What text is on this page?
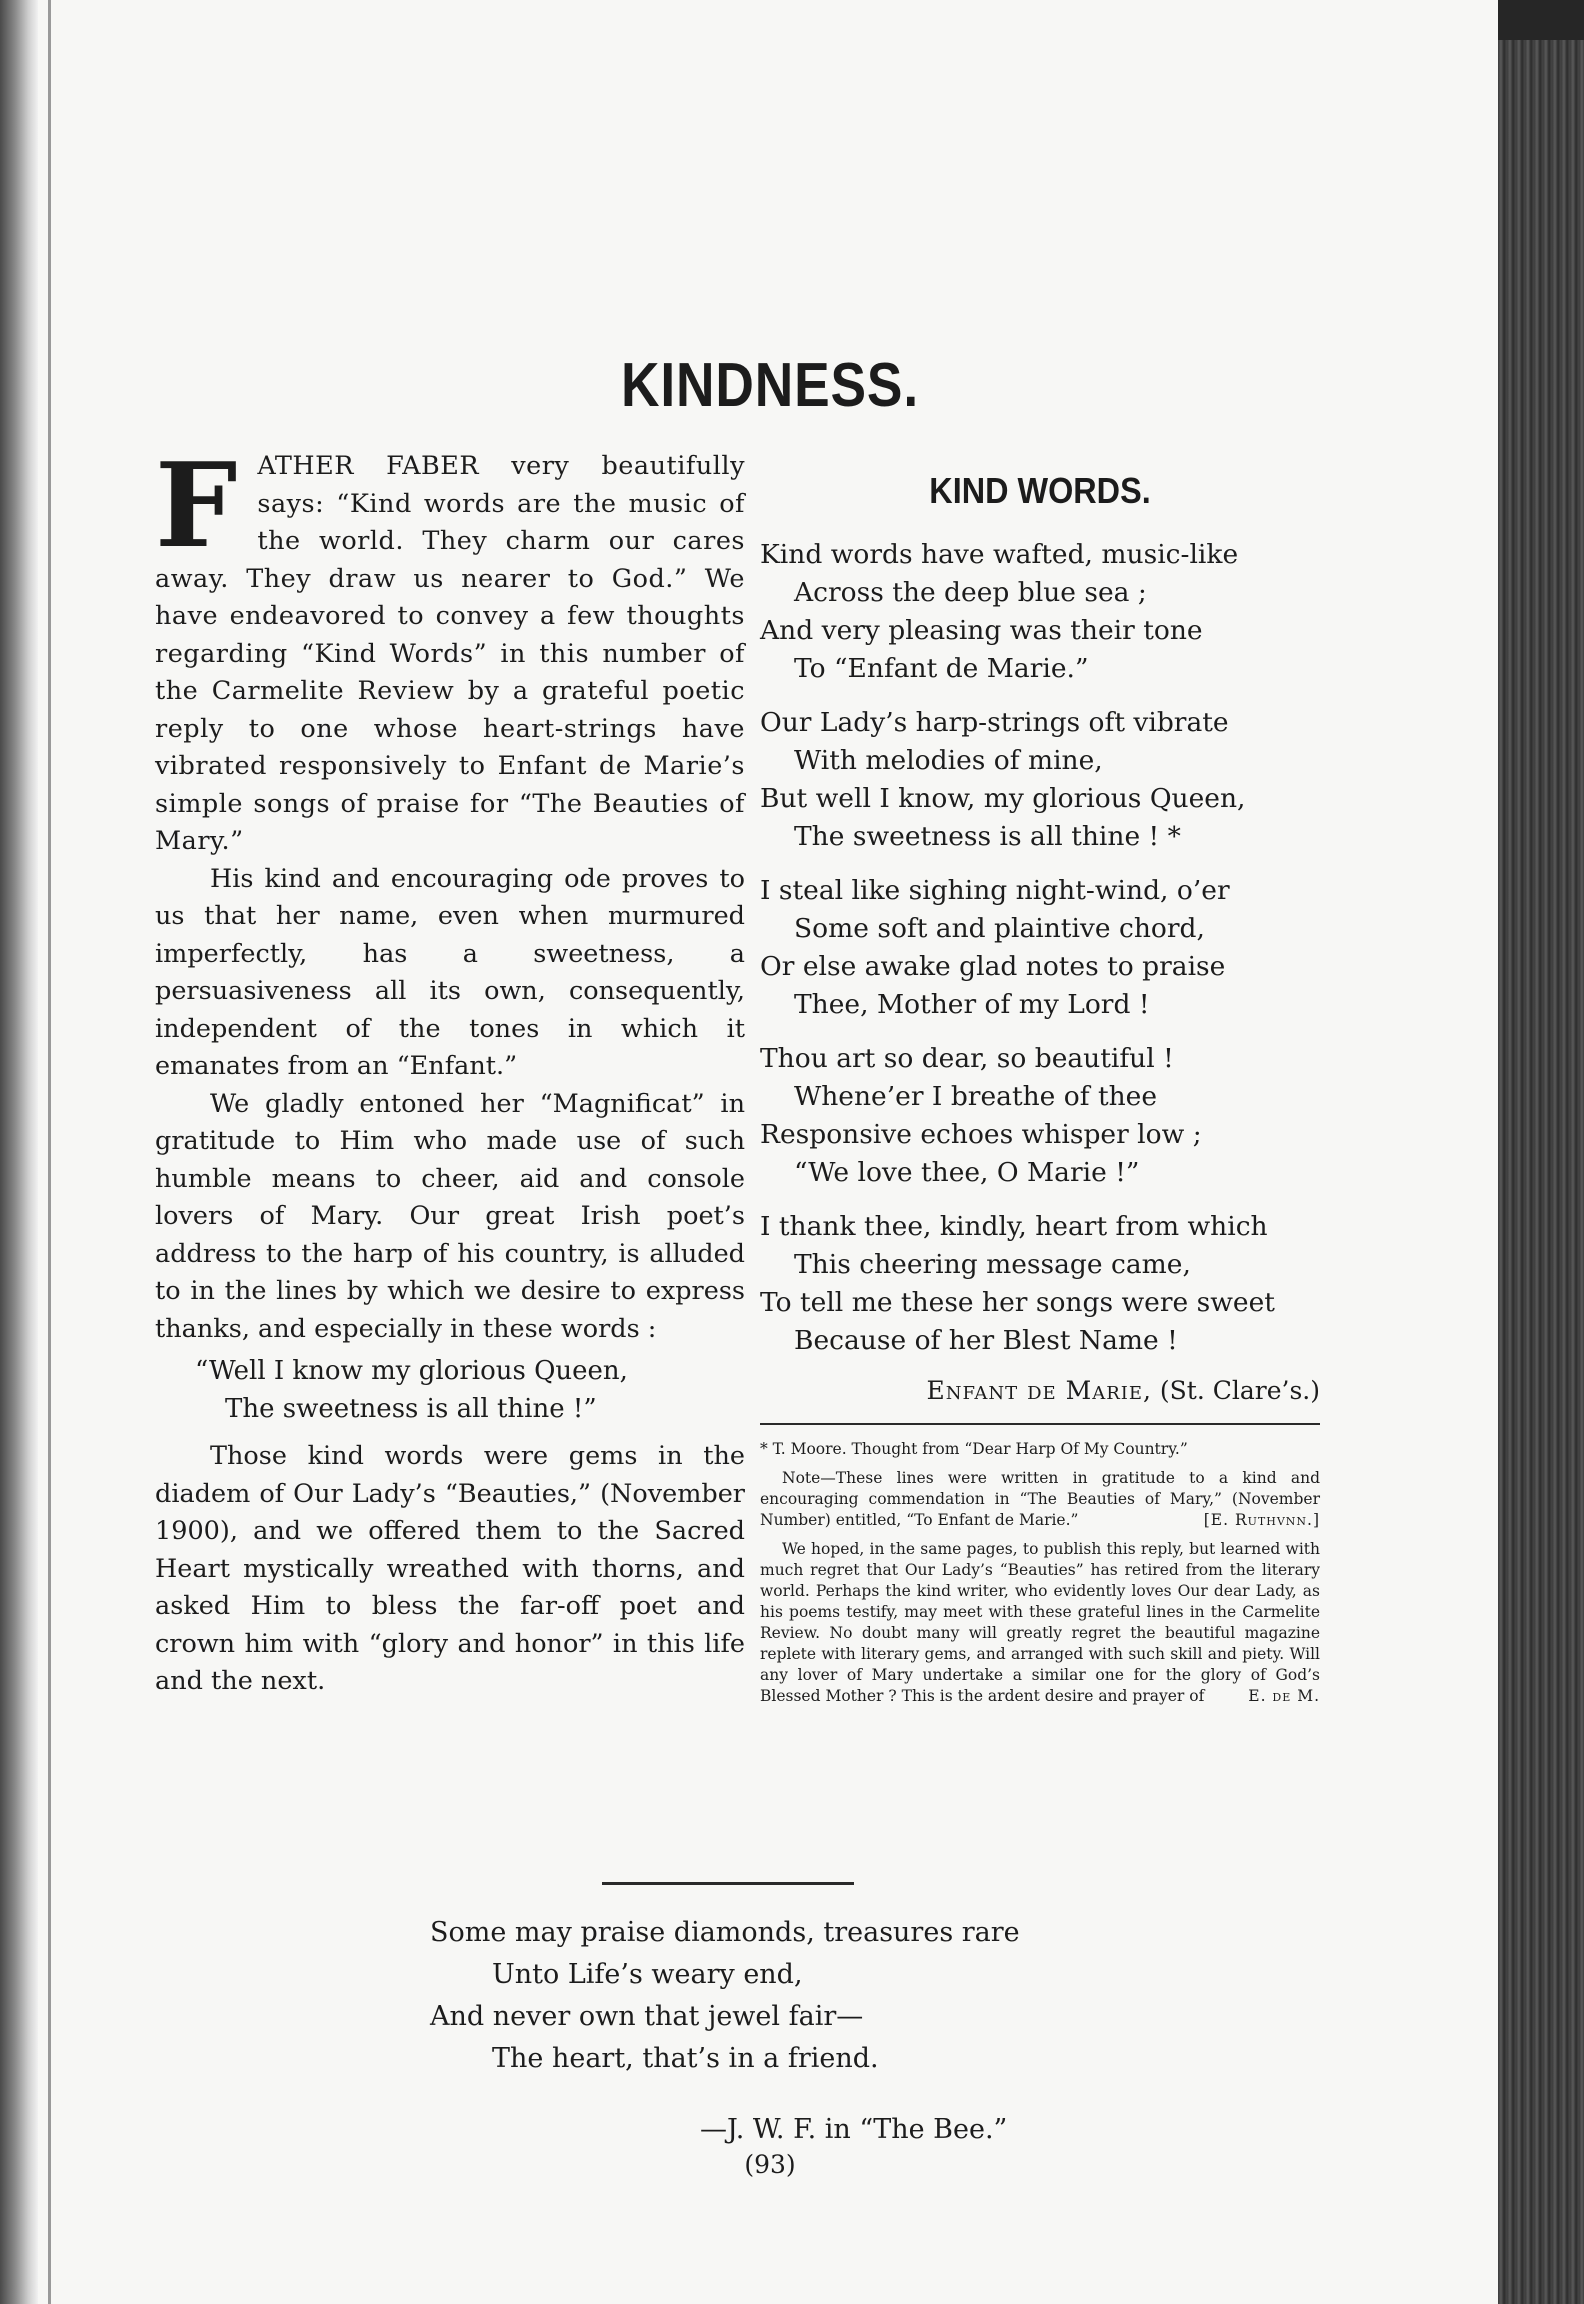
KINDNESS.

FATHER FABER very beautifully says: “Kind words are the music of the world. They charm our cares away. They draw us nearer to God.” We have endeavored to convey a few thoughts regarding “Kind Words” in this number of the Carmelite Review by a grateful poetic reply to one whose heart-strings have vibrated responsively to Enfant de Marie’s simple songs of praise for “The Beauties of Mary.”

His kind and encouraging ode proves to us that her name, even when murmured imperfectly, has a sweetness, a persuasiveness all its own, consequently, independent of the tones in which it emanates from an “Enfant.”

We gladly entoned her “Magnificat” in gratitude to Him who made use of such humble means to cheer, aid and console lovers of Mary. Our great Irish poet’s address to the harp of his country, is alluded to in the lines by which we desire to express thanks, and especially in these words :

“Well I know my glorious Queen,
The sweetness is all thine !”

Those kind words were gems in the diadem of Our Lady’s “Beauties,” (November 1900), and we offered them to the Sacred Heart mystically wreathed with thorns, and asked Him to bless the far-off poet and crown him with “glory and honor” in this life and the next.

KIND WORDS.
Kind words have wafted, music-like
Across the deep blue sea ;
And very pleasing was their tone
To “Enfant de Marie.”
Our Lady’s harp-strings oft vibrate
With melodies of mine,
But well I know, my glorious Queen,
The sweetness is all thine ! *
I steal like sighing night-wind, o’er
Some soft and plaintive chord,
Or else awake glad notes to praise
Thee, Mother of my Lord !
Thou art so dear, so beautiful !
Whene’er I breathe of thee
Responsive echoes whisper low ;
“We love thee, O Marie !”
I thank thee, kindly, heart from which
This cheering message came,
To tell me these her songs were sweet
Because of her Blest Name !
Enfant de Marie, (St. Clare’s.)

* T. Moore. Thought from “Dear Harp Of My Country.”

Note—These lines were written in gratitude to a kind and encouraging commendation in “The Beauties of Mary,” (November Number) entitled, “To Enfant de Marie.”	[E. Ruthvnn.]

We hoped, in the same pages, to publish this reply, but learned with much regret that Our Lady’s “Beauties” has retired from the literary world. Perhaps the kind writer, who evidently loves Our dear Lady, as his poems testify, may meet with these grateful lines in the Carmelite Review. No doubt many will greatly regret the beautiful magazine replete with literary gems, and arranged with such skill and piety. Will any lover of Mary undertake a similar one for the glory of God’s Blessed Mother ? This is the ardent desire and prayer of	E. de M.

Some may praise diamonds, treasures rare
Unto Life’s weary end,
And never own that jewel fair—
The heart, that’s in a friend.
—J. W. F. in “The Bee.”
(93)
